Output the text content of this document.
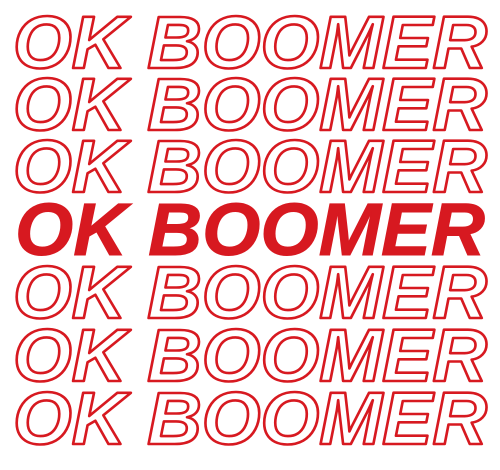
OK BOOMER
OK BOOMER
OK BOOMER
OK BOOMER
OK BOOMER
OK BOOMER
OK BOOMER
